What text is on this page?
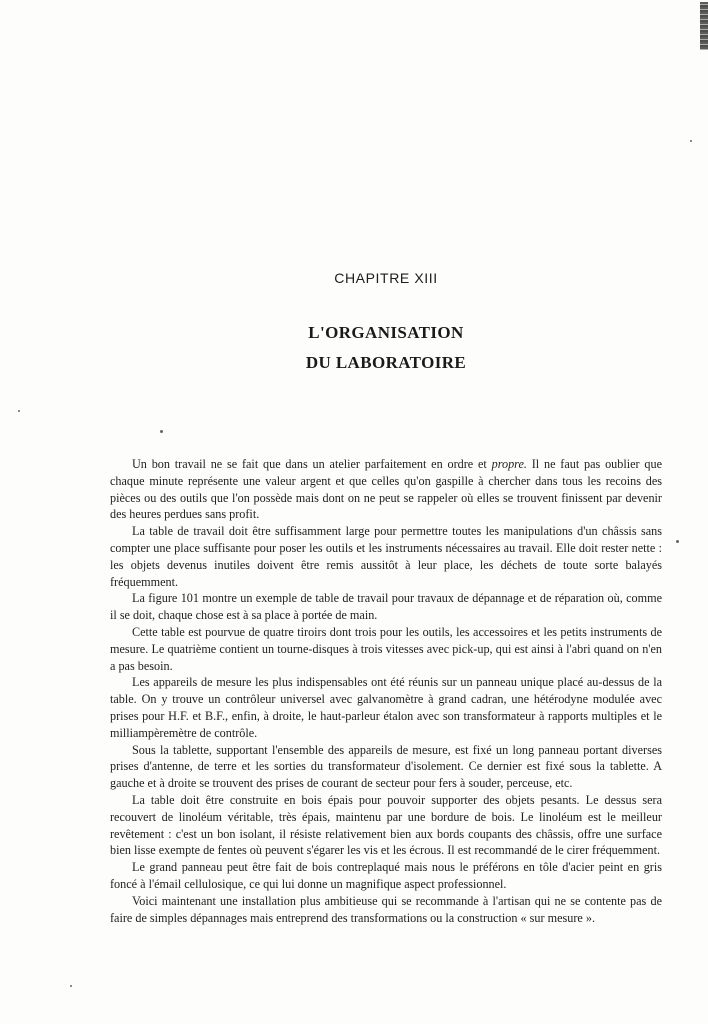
CHAPITRE XIII
L'ORGANISATION
DU LABORATOIRE

Un bon travail ne se fait que dans un atelier parfaitement en ordre et propre. Il ne faut pas oublier que chaque minute représente une valeur argent et que celles qu'on gaspille à chercher dans tous les recoins des pièces ou des outils que l'on possède mais dont on ne peut se rappeler où elles se trouvent finissent par devenir des heures perdues sans profit.

La table de travail doit être suffisamment large pour permettre toutes les manipulations d'un châssis sans compter une place suffisante pour poser les outils et les instruments nécessaires au travail. Elle doit rester nette : les objets devenus inutiles doivent être remis aussitôt à leur place, les déchets de toute sorte balayés fréquemment.

La figure 101 montre un exemple de table de travail pour travaux de dépannage et de réparation où, comme il se doit, chaque chose est à sa place à portée de main.

Cette table est pourvue de quatre tiroirs dont trois pour les outils, les accessoires et les petits instruments de mesure. Le quatrième contient un tourne-disques à trois vitesses avec pick-up, qui est ainsi à l'abri quand on n'en a pas besoin.

Les appareils de mesure les plus indispensables ont été réunis sur un panneau unique placé au-dessus de la table. On y trouve un contrôleur universel avec galvanomètre à grand cadran, une hétérodyne modulée avec prises pour H.F. et B.F., enfin, à droite, le haut-parleur étalon avec son transformateur à rapports multiples et le milliampèremètre de contrôle.

Sous la tablette, supportant l'ensemble des appareils de mesure, est fixé un long panneau portant diverses prises d'antenne, de terre et les sorties du transformateur d'isolement. Ce dernier est fixé sous la tablette. A gauche et à droite se trouvent des prises de courant de secteur pour fers à souder, perceuse, etc.

La table doit être construite en bois épais pour pouvoir supporter des objets pesants. Le dessus sera recouvert de linoléum véritable, très épais, maintenu par une bordure de bois. Le linoléum est le meilleur revêtement : c'est un bon isolant, il résiste relativement bien aux bords coupants des châssis, offre une surface bien lisse exempte de fentes où peuvent s'égarer les vis et les écrous. Il est recommandé de le cirer fréquemment.

Le grand panneau peut être fait de bois contreplaqué mais nous le préférons en tôle d'acier peint en gris foncé à l'émail cellulosique, ce qui lui donne un magnifique aspect professionnel.

Voici maintenant une installation plus ambitieuse qui se recommande à l'artisan qui ne se contente pas de faire de simples dépannages mais entreprend des transformations ou la construction « sur mesure ».
